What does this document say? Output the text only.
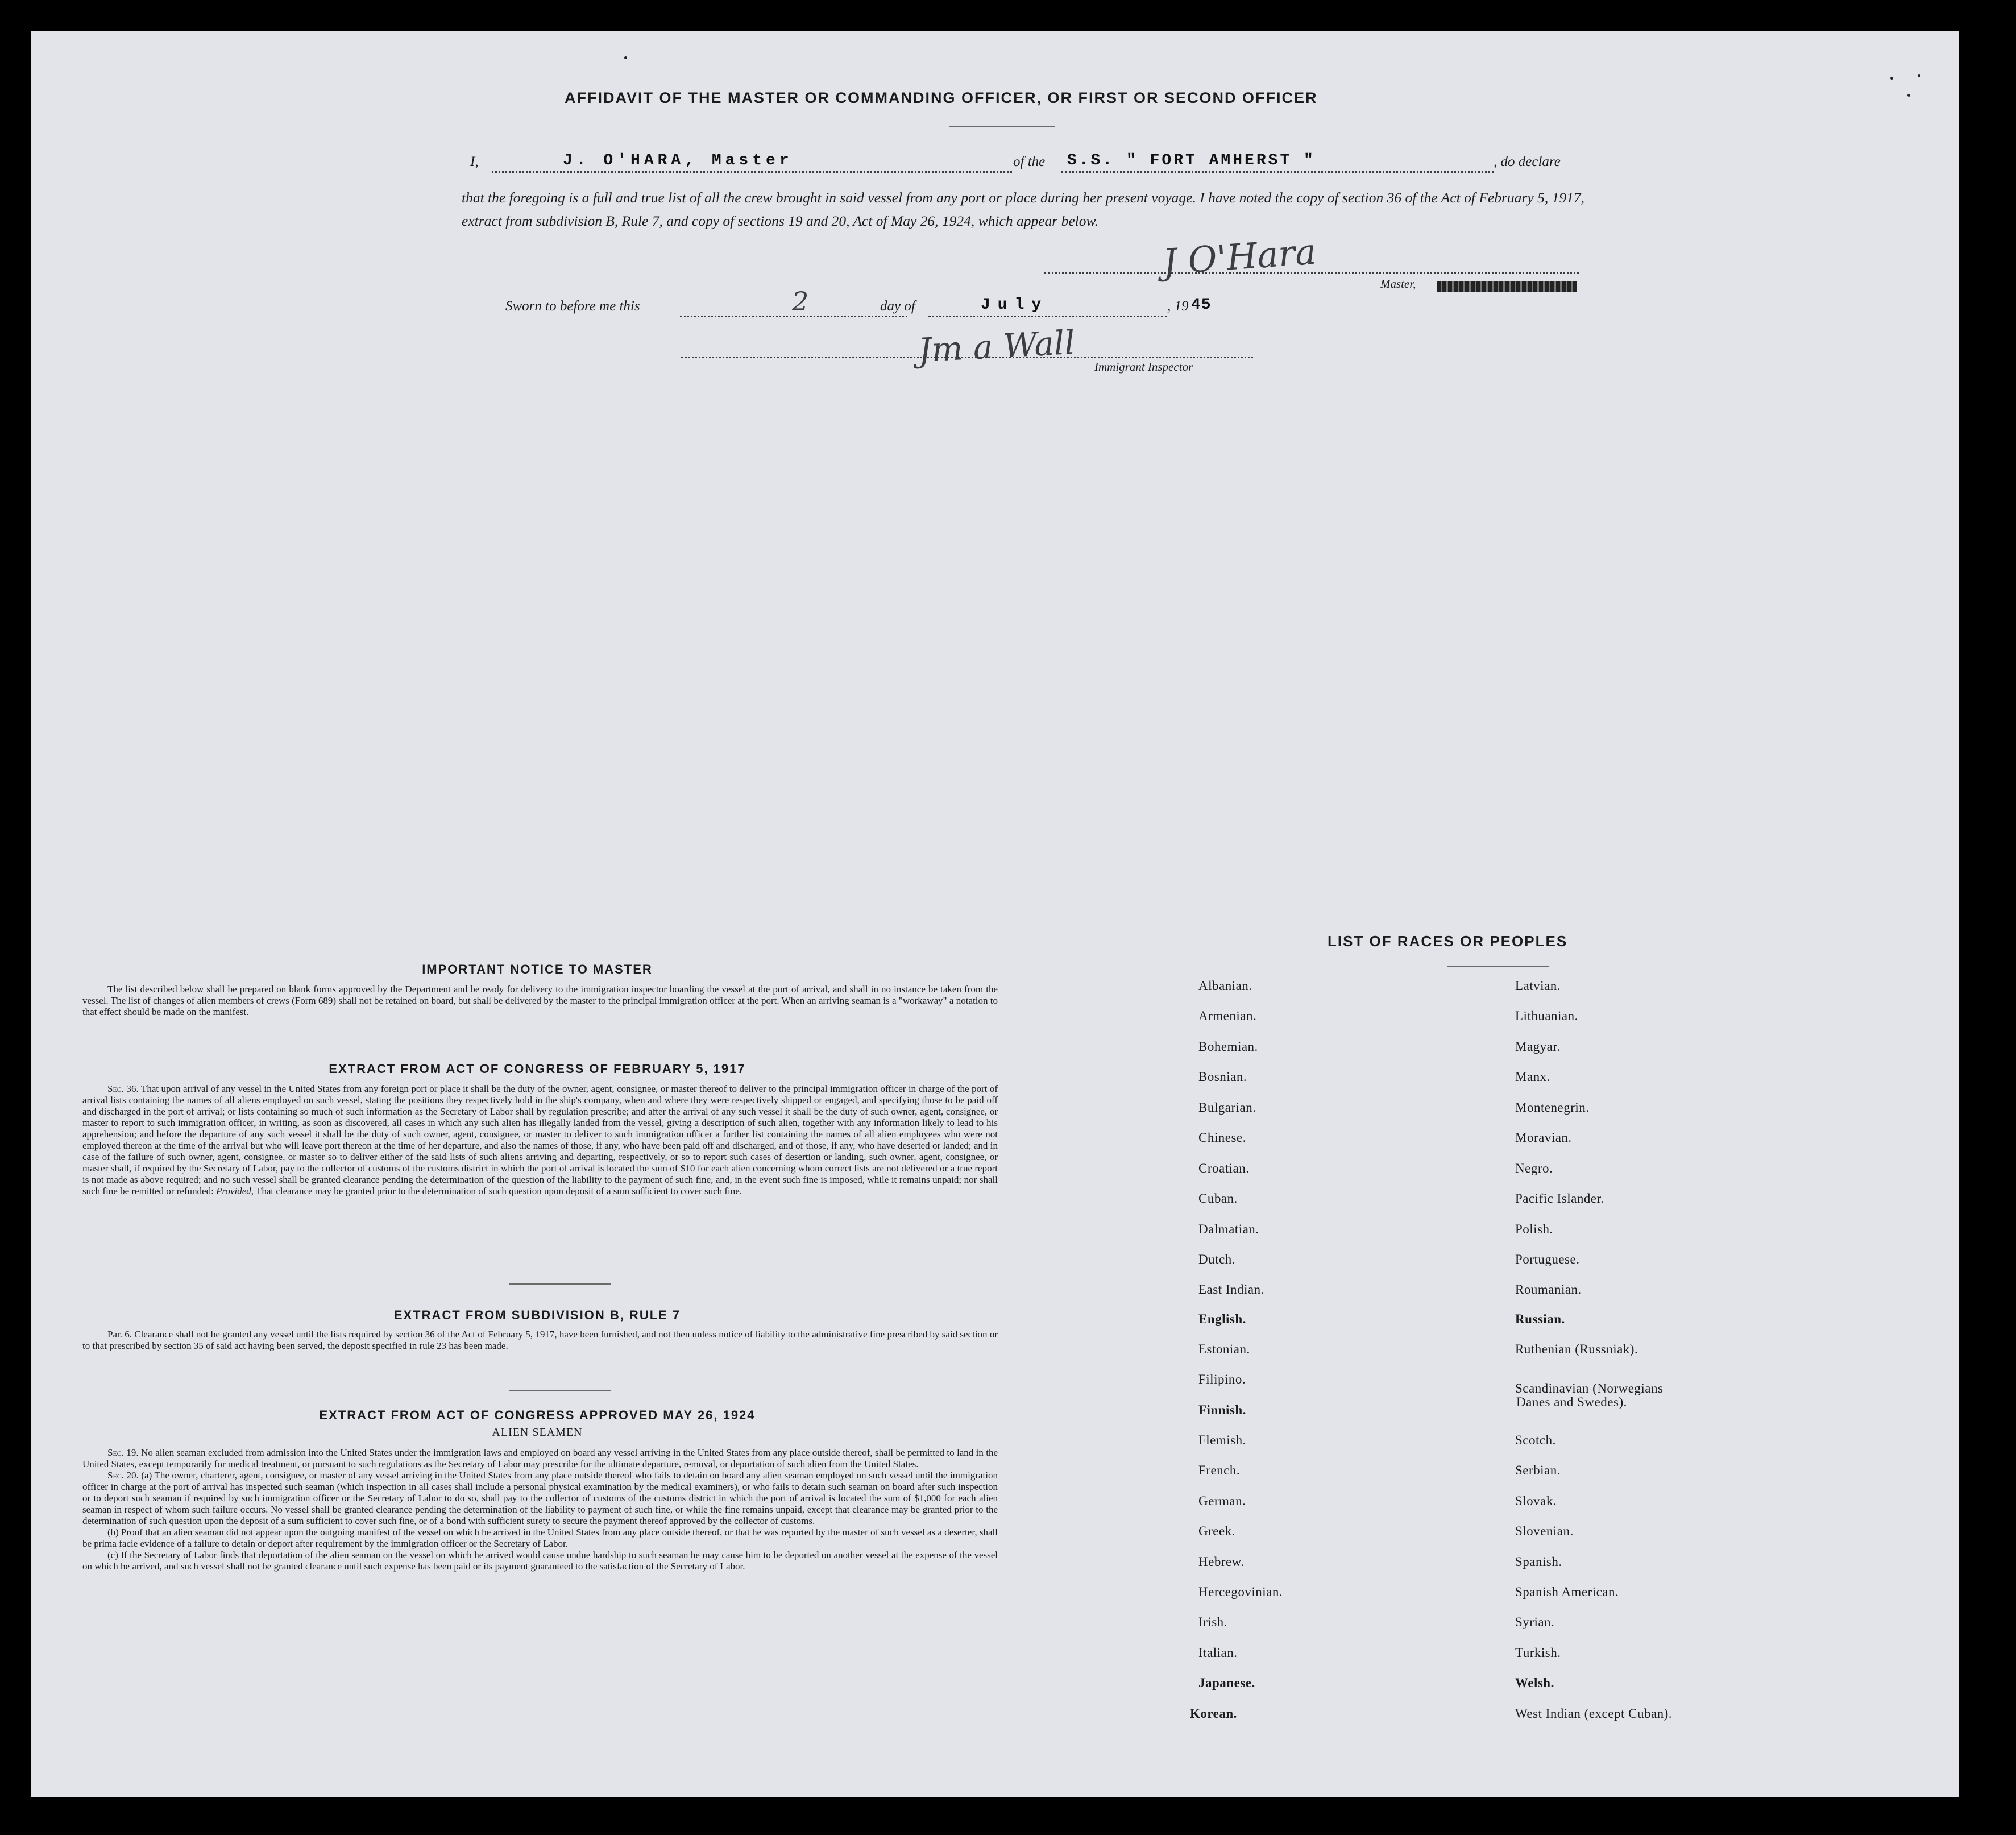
AFFIDAVIT OF THE MASTER OR COMMANDING OFFICER, OR FIRST OR SECOND OFFICER
I,	J. O'HARA, Master	of the S.S. " FORT AMHERST "	, do declare
that the foregoing is a full and true list of all the crew brought in said vessel from any port or place during her present voyage. I have noted the copy of section 36 of the Act of February 5, 1917, extract from subdivision B, Rule 7, and copy of sections 19 and 20, Act of May 26, 1924, which appear below.
J O'Hara
Master,
Sworn to before me this	2	day of	July	, 19 45
Jm a Wall Immigrant Inspector
IMPORTANT NOTICE TO MASTER

The list described below shall be prepared on blank forms approved by the Department and be ready for delivery to the immigration inspector boarding the vessel at the port of arrival, and shall in no instance be taken from the vessel. The list of changes of alien members of crews (Form 689) shall not be retained on board, but shall be delivered by the master to the principal immigration officer at the port. When an arriving seaman is a "workaway" a notation to that effect should be made on the manifest.

EXTRACT FROM ACT OF CONGRESS OF FEBRUARY 5, 1917

Sec. 36. That upon arrival of any vessel in the United States from any foreign port or place it shall be the duty of the owner, agent, consignee, or master thereof to deliver to the principal immigration officer in charge of the port of arrival lists containing the names of all aliens employed on such vessel, stating the positions they respectively hold in the ship's company, when and where they were respectively shipped or engaged, and specifying those to be paid off and discharged in the port of arrival; or lists containing so much of such information as the Secretary of Labor shall by regulation prescribe; and after the arrival of any such vessel it shall be the duty of such owner, agent, consignee, or master to report to such immigration officer, in writing, as soon as discovered, all cases in which any such alien has illegally landed from the vessel, giving a description of such alien, together with any information likely to lead to his apprehension; and before the departure of any such vessel it shall be the duty of such owner, agent, consignee, or master to deliver to such immigration officer a further list containing the names of all alien employees who were not employed thereon at the time of the arrival but who will leave port thereon at the time of her departure, and also the names of those, if any, who have been paid off and discharged, and of those, if any, who have deserted or landed; and in case of the failure of such owner, agent, consignee, or master so to deliver either of the said lists of such aliens arriving and departing, respectively, or so to report such cases of desertion or landing, such owner, agent, consignee, or master shall, if required by the Secretary of Labor, pay to the collector of customs of the customs district in which the port of arrival is located the sum of $10 for each alien concerning whom correct lists are not delivered or a true report is not made as above required; and no such vessel shall be granted clearance pending the determination of the question of the liability to the payment of such fine, and, in the event such fine is imposed, while it remains unpaid; nor shall such fine be remitted or refunded: Provided, That clearance may be granted prior to the determination of such question upon deposit of a sum sufficient to cover such fine.

EXTRACT FROM SUBDIVISION B, RULE 7

Par. 6. Clearance shall not be granted any vessel until the lists required by section 36 of the Act of February 5, 1917, have been furnished, and not then unless notice of liability to the administrative fine prescribed by said section or to that prescribed by section 35 of said act having been served, the deposit specified in rule 23 has been made.

EXTRACT FROM ACT OF CONGRESS APPROVED MAY 26, 1924
ALIEN SEAMEN

Sec. 19. No alien seaman excluded from admission into the United States under the immigration laws and employed on board any vessel arriving in the United States from any place outside thereof, shall be permitted to land in the United States, except temporarily for medical treatment, or pursuant to such regulations as the Secretary of Labor may prescribe for the ultimate departure, removal, or deportation of such alien from the United States.

Sec. 20. (a) The owner, charterer, agent, consignee, or master of any vessel arriving in the United States from any place outside thereof who fails to detain on board any alien seaman employed on such vessel until the immigration officer in charge at the port of arrival has inspected such seaman (which inspection in all cases shall include a personal physical examination by the medical examiners), or who fails to detain such seaman on board after such inspection or to deport such seaman if required by such immigration officer or the Secretary of Labor to do so, shall pay to the collector of customs of the customs district in which the port of arrival is located the sum of $1,000 for each alien seaman in respect of whom such failure occurs. No vessel shall be granted clearance pending the determination of the liability to payment of such fine, or while the fine remains unpaid, except that clearance may be granted prior to the determination of such question upon the deposit of a sum sufficient to cover such fine, or of a bond with sufficient surety to secure the payment thereof approved by the collector of customs.

(b) Proof that an alien seaman did not appear upon the outgoing manifest of the vessel on which he arrived in the United States from any place outside thereof, or that he was reported by the master of such vessel as a deserter, shall be prima facie evidence of a failure to detain or deport after requirement by the immigration officer or the Secretary of Labor.

(c) If the Secretary of Labor finds that deportation of the alien seaman on the vessel on which he arrived would cause undue hardship to such seaman he may cause him to be deported on another vessel at the expense of the vessel on which he arrived, and such vessel shall not be granted clearance until such expense has been paid or its payment guaranteed to the satisfaction of the Secretary of Labor.

LIST OF RACES OR PEOPLES
Albanian.
Armenian.
Bohemian.
Bosnian.
Bulgarian.
Chinese.
Croatian.
Cuban.
Dalmatian.
Dutch.
East Indian.
English.
Estonian.
Filipino.
Finnish.
Flemish.
French.
German.
Greek.
Hebrew.
Hercegovinian.
Irish.
Italian.
Japanese.
Korean.
Latvian.
Lithuanian.
Magyar.
Manx.
Montenegrin.
Moravian.
Negro.
Pacific Islander.
Polish.
Portuguese.
Roumanian.
Russian.
Ruthenian (Russniak).
Scandinavian (Norwegians
Danes and Swedes).
Scotch.
Serbian.
Slovak.
Slovenian.
Spanish.
Spanish American.
Syrian.
Turkish.
Welsh.
West Indian (except Cuban).
